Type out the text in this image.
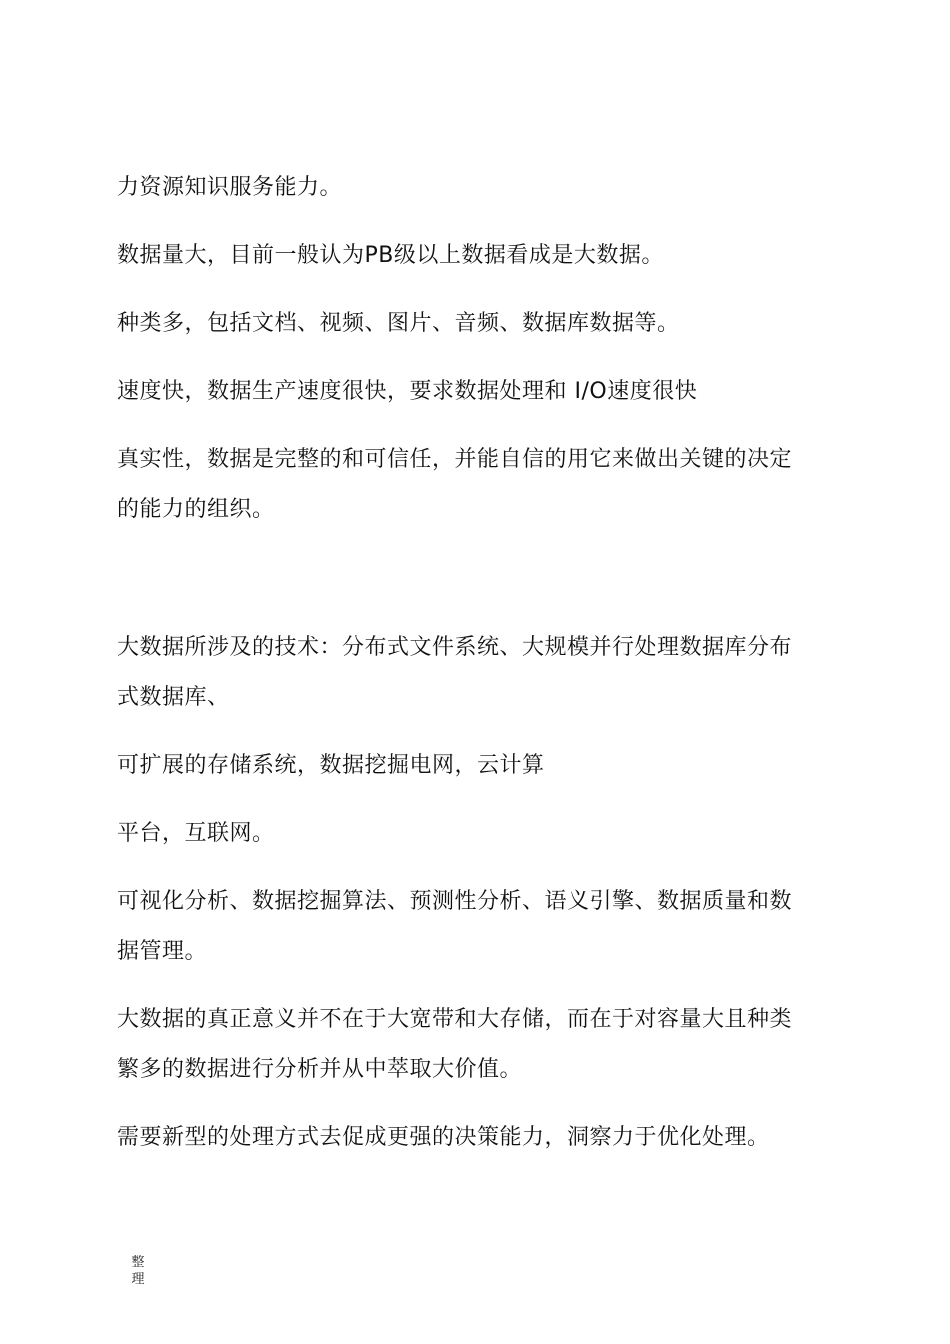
力资源知识服务能力。
数据量大，目前一般认为PB级以上数据看成是大数据。
种类多，包括文档、视频、图片、音频、数据库数据等。
速度快，数据生产速度很快，要求数据处理和 I/O速度很快
真实性，数据是完整的和可信任，并能自信的用它来做出关键的决定
的能力的组织。
大数据所涉及的技术：分布式文件系统、大规模并行处理数据库分布
式数据库、
可扩展的存储系统，数据挖掘电网，云计算
平台，互联网。
可视化分析、数据挖掘算法、预测性分析、语义引擎、数据质量和数
据管理。
大数据的真正意义并不在于大宽带和大存储，而在于对容量大且种类
繁多的数据进行分析并从中萃取大价值。
需要新型的处理方式去促成更强的决策能力，洞察力于优化处理。
整
理
